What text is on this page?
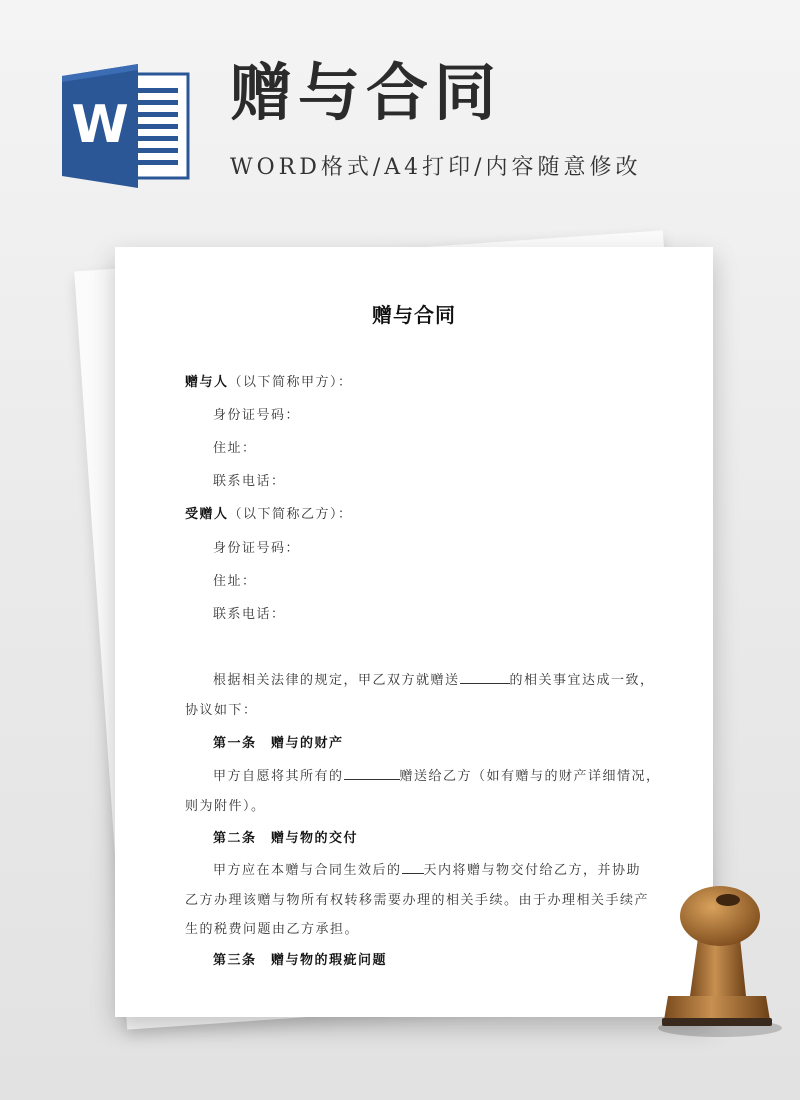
W 赠与合同
WORD格式/A4打印/内容随意修改
赠与合同
赠与人（以下简称甲方）：
身份证号码：
住址：
联系电话：
受赠人（以下简称乙方）：
身份证号码：
住址：
联系电话：
根据相关法律的规定，甲乙双方就赠送	的相关事宜达成一致，
协议如下：
第一条　赠与的财产
甲方自愿将其所有的	赠送给乙方（如有赠与的财产详细情况，
则为附件）。
第二条　赠与物的交付
甲方应在本赠与合同生效后的 天内将赠与物交付给乙方，并协助
乙方办理该赠与物所有权转移需要办理的相关手续。由于办理相关手续产
生的税费问题由乙方承担。
第三条　赠与物的瑕疵问题
